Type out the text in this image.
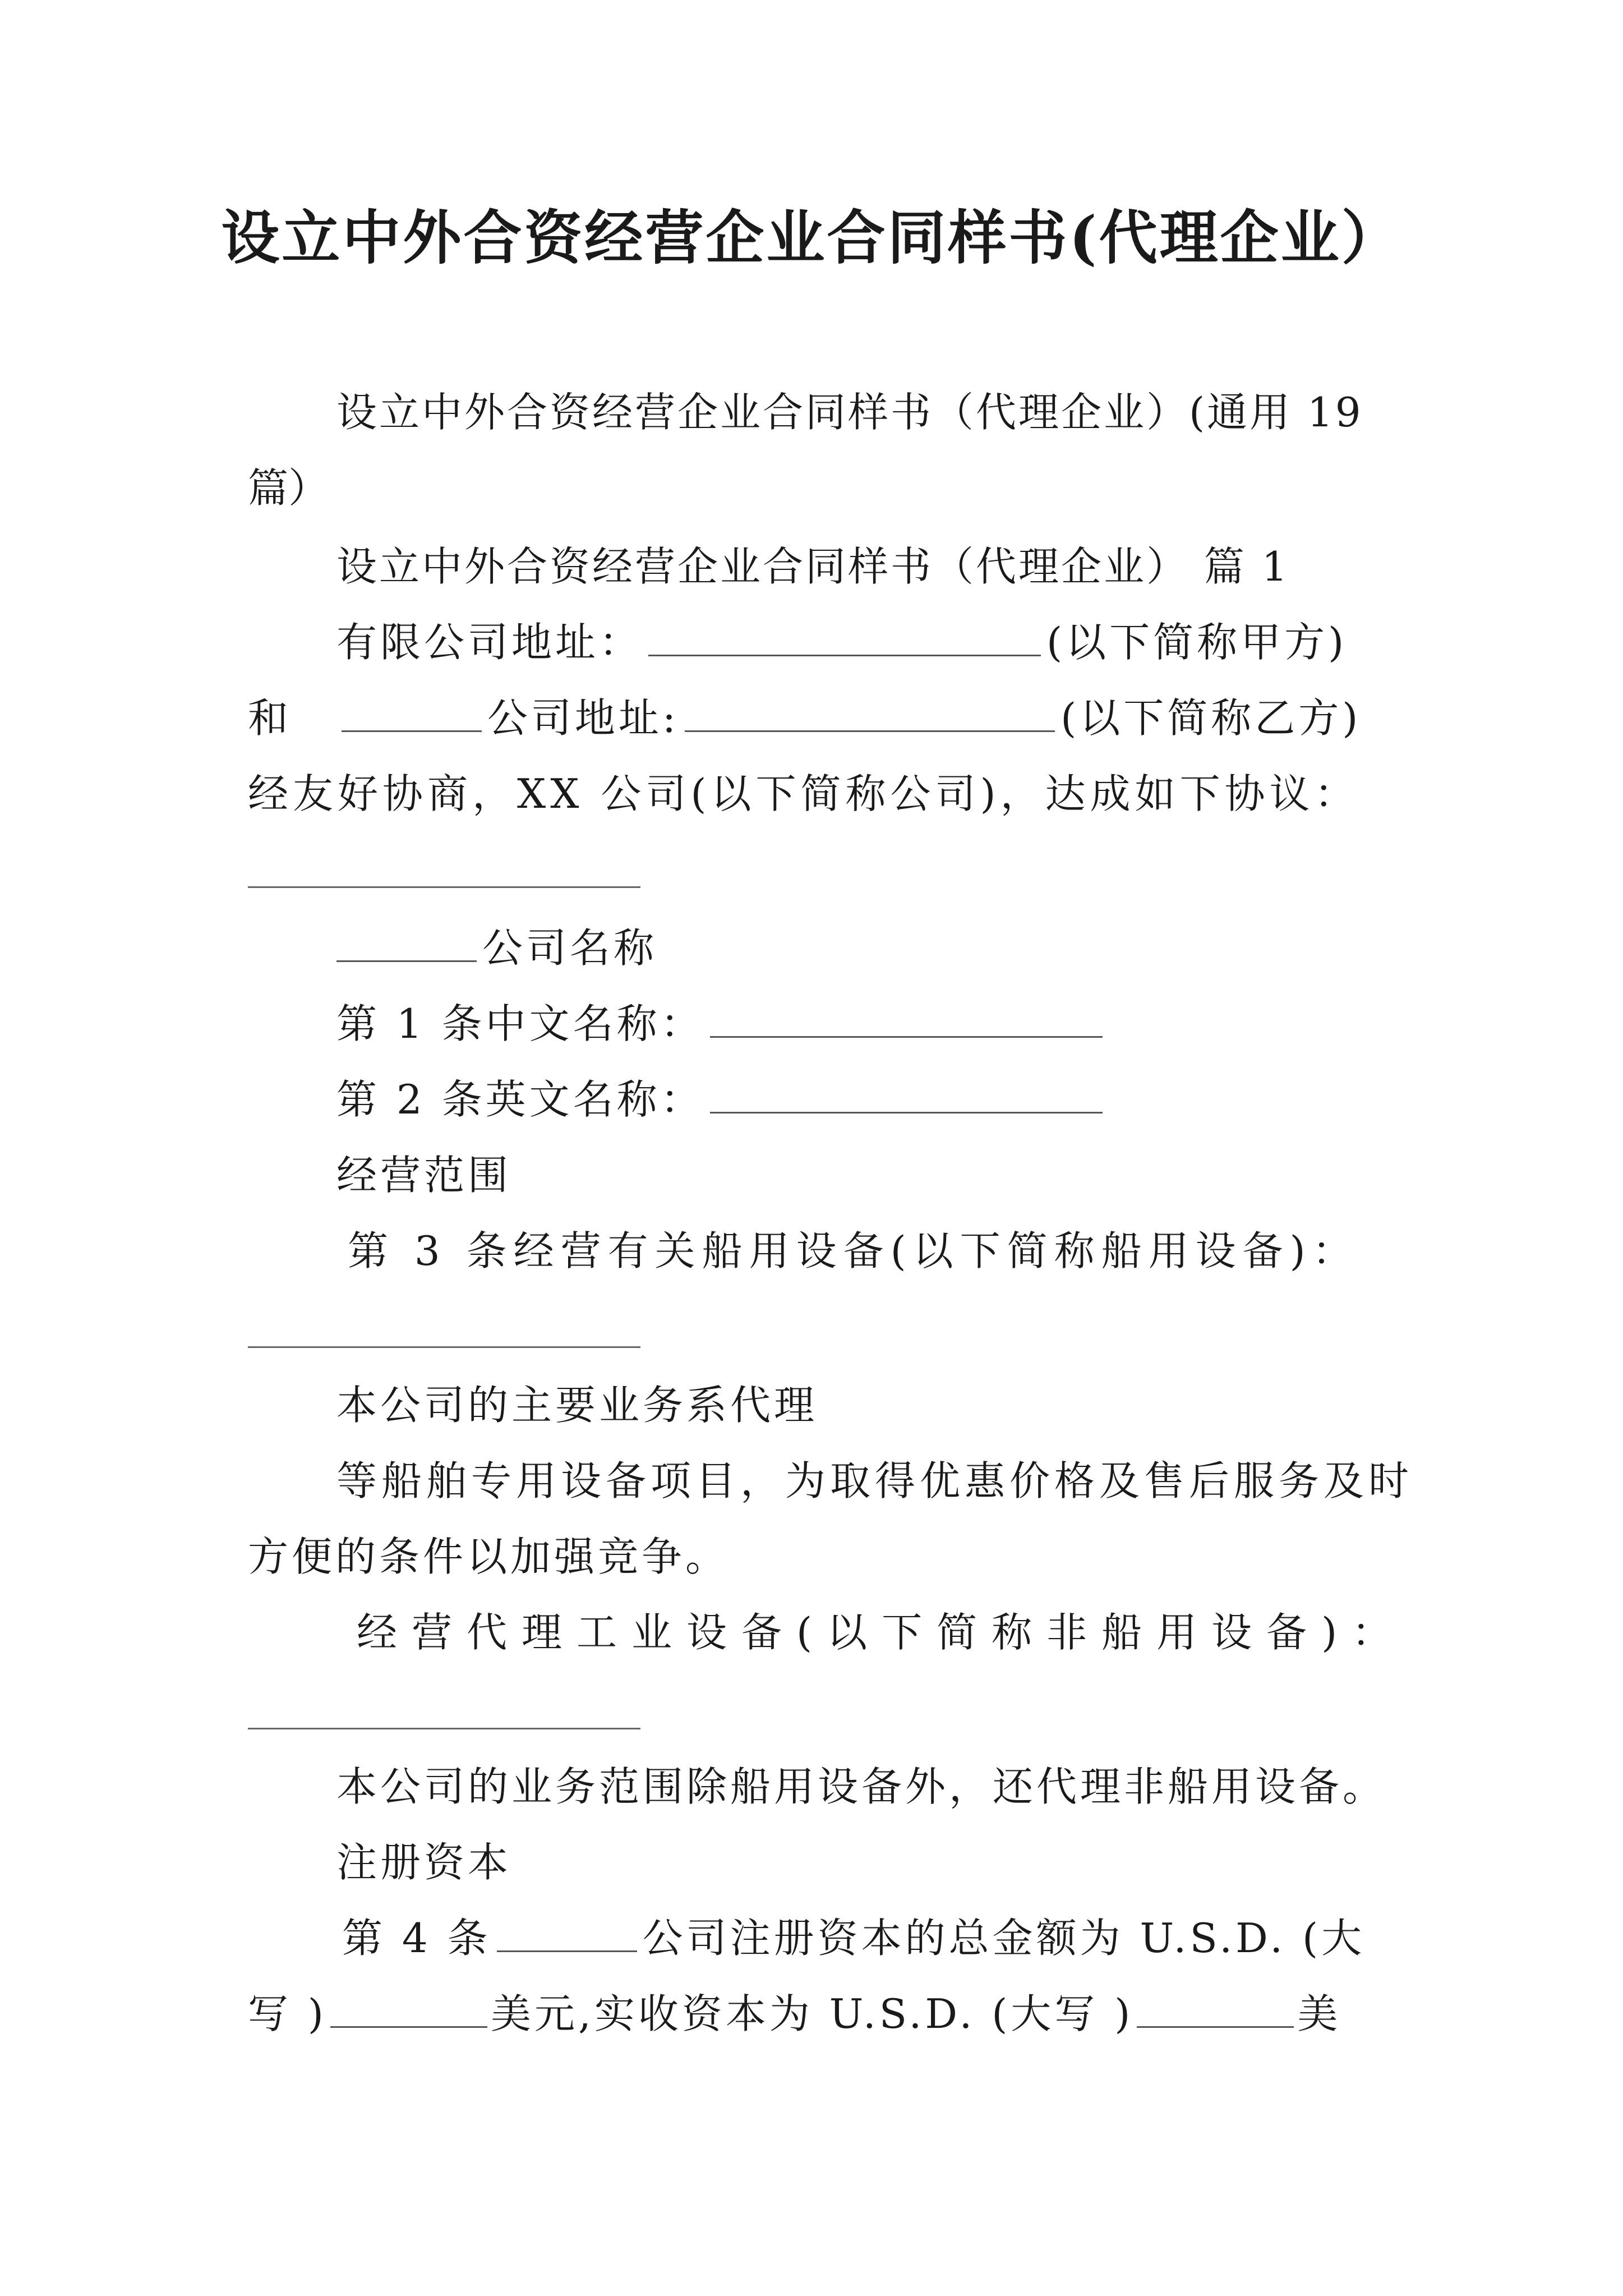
设立中外合资经营企业合同样书(代理企业）
设立中外合资经营企业合同样书（代理企业）(通用 19
篇）
设立中外合资经营企业合同样书（代理企业） 篇 1
有限公司地址：	(以下简称甲方)
和	公司地址:	(以下简称乙方)
经友好协商，XX 公司(以下简称公司)，达成如下协议：
公司名称
第 1 条中文名称：
第 2 条英文名称：
经营范围
第 3 条经营有关船用设备(以下简称船用设备)：
本公司的主要业务系代理
等船舶专用设备项目，为取得优惠价格及售后服务及时
方便的条件以加强竞争。
经营代理工业设备(以下简称非船用设备)：
本公司的业务范围除船用设备外，还代理非船用设备。
注册资本
第 4 条	公司注册资本的总金额为 U.S.D. (大
写 )	美元,实收资本为 U.S.D. (大写 )	美
